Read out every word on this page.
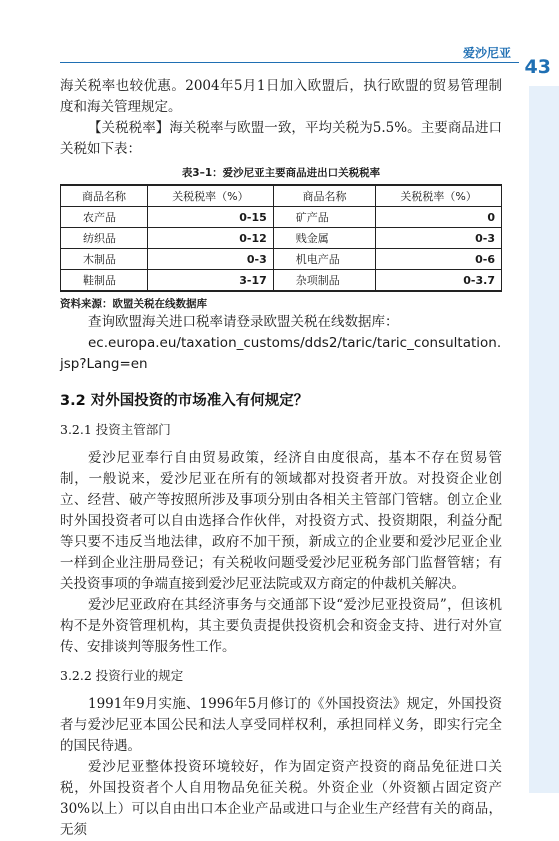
爱沙尼亚
43

海关税率也较优惠。2004年5月1日加入欧盟后，执行欧盟的贸易管理制度和海关管理规定。

【关税税率】海关税率与欧盟一致，平均关税为5.5%。主要商品进口关税如下表：

表3–1：爱沙尼亚主要商品进出口关税税率
商品名称	关税税率（%）	商品名称	关税税率（%）
农产品	0-15	矿产品	0
纺织品	0-12	贱金属	0-3
木制品	0-3	机电产品	0-6
鞋制品	3-17	杂项制品	0-3.7
资料来源：欧盟关税在线数据库

查询欧盟海关进口税率请登录欧盟关税在线数据库：

ec.europa.eu/taxation_customs/dds2/taric/taric_consultation.jsp?Lang=en

3.2 对外国投资的市场准入有何规定？
3.2.1 投资主管部门

爱沙尼亚奉行自由贸易政策，经济自由度很高，基本不存在贸易管制，一般说来，爱沙尼亚在所有的领域都对投资者开放。对投资企业创立、经营、破产等按照所涉及事项分别由各相关主管部门管辖。创立企业时外国投资者可以自由选择合作伙伴，对投资方式、投资期限，利益分配等只要不违反当地法律，政府不加干预，新成立的企业要和爱沙尼亚企业一样到企业注册局登记；有关税收问题受爱沙尼亚税务部门监督管辖；有关投资事项的争端直接到爱沙尼亚法院或双方商定的仲裁机关解决。

爱沙尼亚政府在其经济事务与交通部下设“爱沙尼亚投资局”，但该机构不是外资管理机构，其主要负责提供投资机会和资金支持、进行对外宣传、安排谈判等服务性工作。

3.2.2 投资行业的规定

1991年9月实施、1996年5月修订的《外国投资法》规定，外国投资者与爱沙尼亚本国公民和法人享受同样权利，承担同样义务，即实行完全的国民待遇。

爱沙尼亚整体投资环境较好，作为固定资产投资的商品免征进口关税，外国投资者个人自用物品免征关税。外资企业（外资额占固定资产30%以上）可以自由出口本企业产品或进口与企业生产经营有关的商品，无须
